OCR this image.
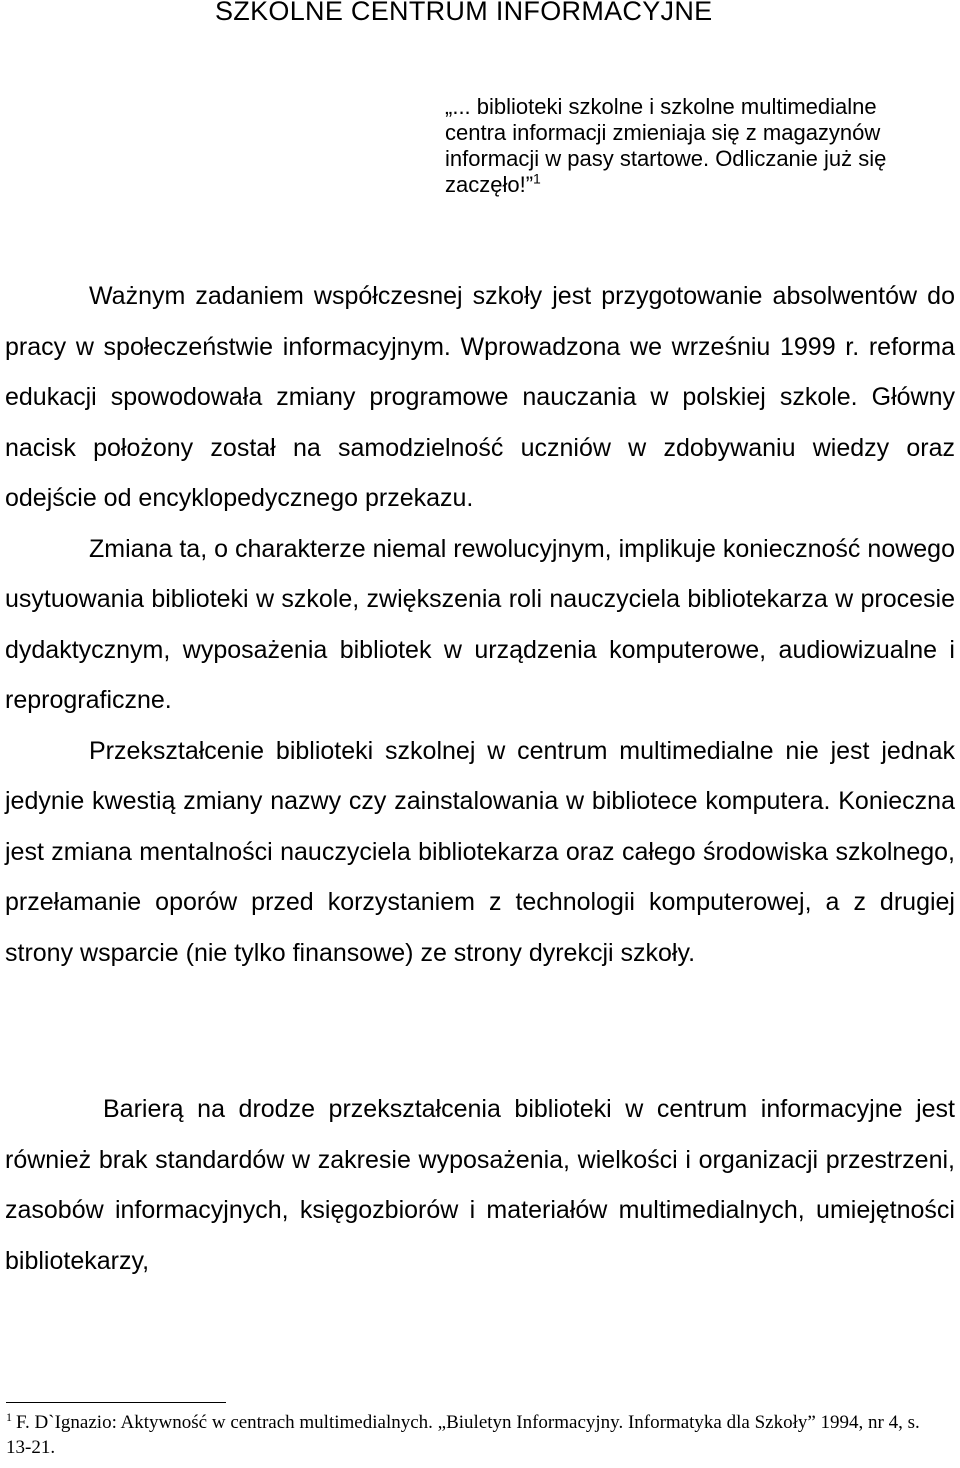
SZKOLNE CENTRUM INFORMACYJNE
„... biblioteki szkolne i szkolne multimedialne centra informacji zmieniaja się z magazynów informacji w pasy startowe. Odliczanie już się zaczęło!”$^1$

Ważnym zadaniem współczesnej szkoły jest przygotowanie absolwentów do pracy w społeczeństwie informacyjnym. Wprowadzona we wrześniu 1999 r. reforma edukacji spowodowała zmiany programowe nauczania w polskiej szkole. Główny nacisk położony został na samodzielność uczniów w zdobywaniu wiedzy oraz odejście od encyklopedycznego przekazu.

Zmiana ta, o charakterze niemal rewolucyjnym, implikuje konieczność nowego usytuowania biblioteki w szkole, zwiększenia roli nauczyciela bibliotekarza w procesie dydaktycznym, wyposażenia bibliotek w urządzenia komputerowe, audiowizualne i reprograficzne.

Przekształcenie biblioteki szkolnej w centrum multimedialne nie jest jednak jedynie kwestią zmiany nazwy czy zainstalowania w bibliotece komputera. Konieczna jest zmiana mentalności nauczyciela bibliotekarza oraz całego środowiska szkolnego, przełamanie oporów przed korzystaniem z technologii komputerowej, a z drugiej strony wsparcie (nie tylko finansowe) ze strony dyrekcji szkoły.

Barierą na drodze przekształcenia biblioteki w centrum informacyjne jest również brak standardów w zakresie wyposażenia, wielkości i organizacji przestrzeni, zasobów informacyjnych, księgozbiorów i materiałów multimedialnych, umiejętności bibliotekarzy,

$^1$ F. D`Ignazio: Aktywność w centrach multimedialnych. „Biuletyn Informacyjny. Informatyka dla Szkoły” 1994, nr 4, s. 13-21.
